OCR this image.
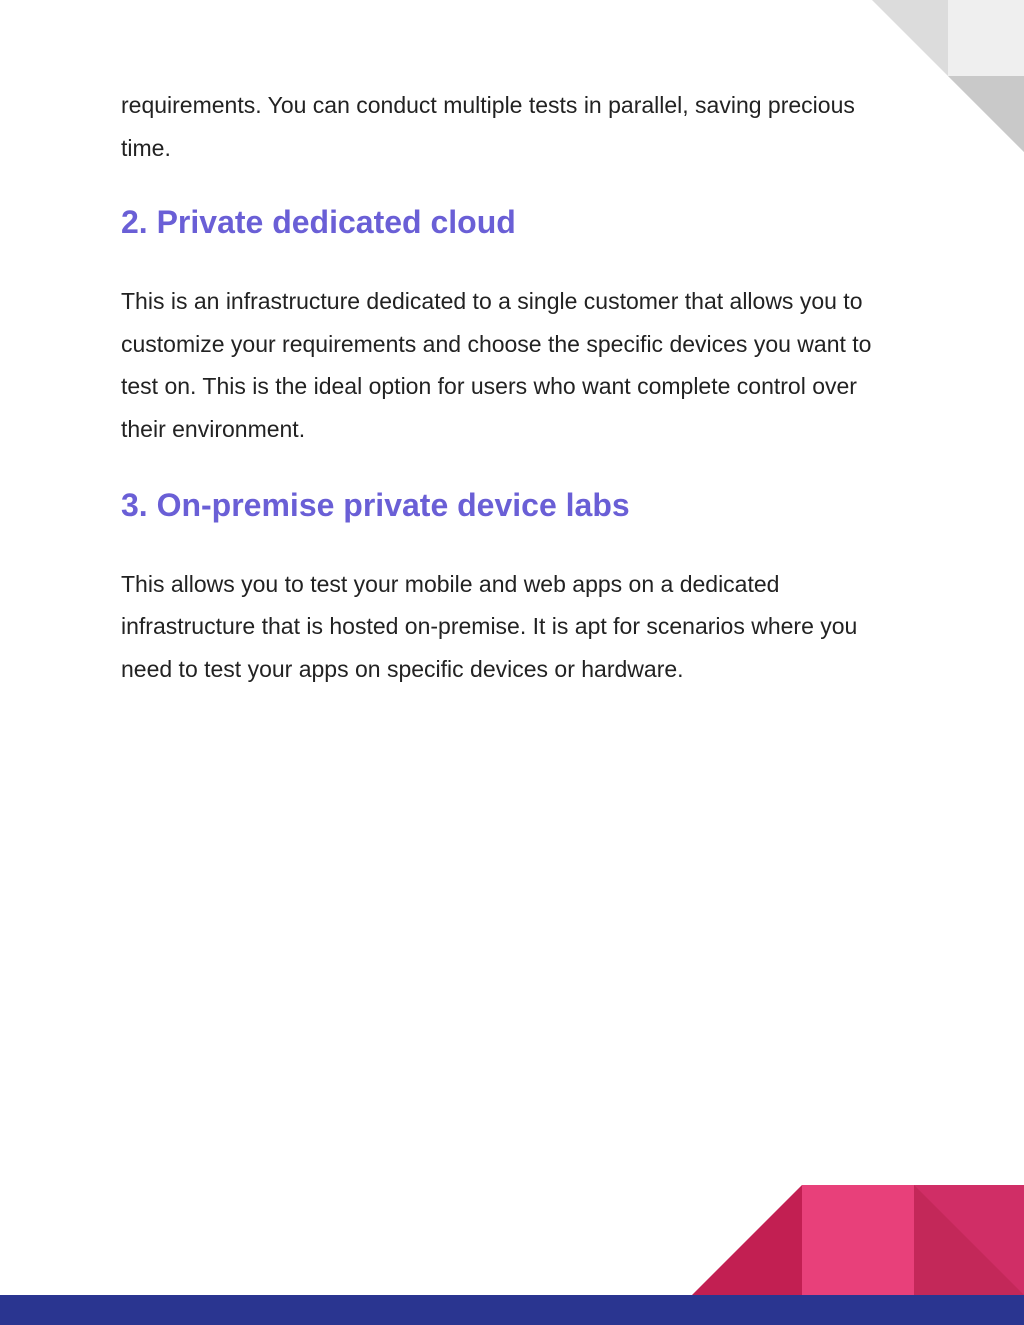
requirements. You can conduct multiple tests in parallel, saving precious time.

2. Private dedicated cloud

This is an infrastructure dedicated to a single customer that allows you to customize your requirements and choose the specific devices you want to test on. This is the ideal option for users who want complete control over their environment.

3. On-premise private device labs

This allows you to test your mobile and web apps on a dedicated infrastructure that is hosted on-premise. It is apt for scenarios where you need to test your apps on specific devices or hardware.
